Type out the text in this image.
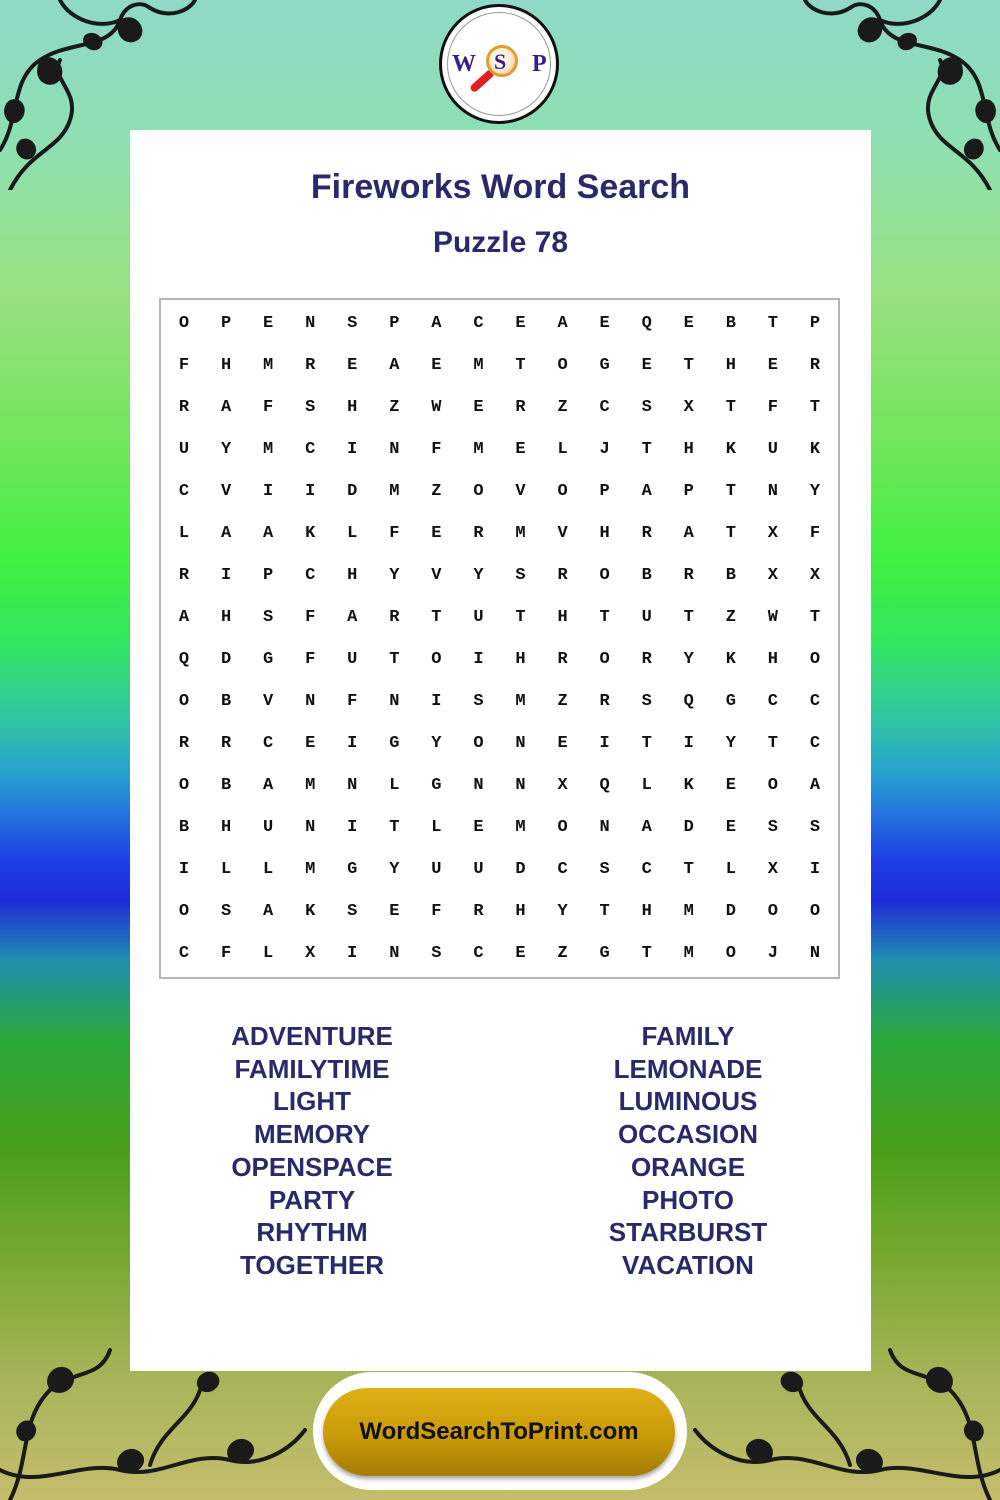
W S P
Fireworks Word Search
Puzzle 78
O	P	E	N	S	P	A	C	E	A	E	Q	E	B	T	P
F	H	M	R	E	A	E	M	T	O	G	E	T	H	E	R
R	A	F	S	H	Z	W	E	R	Z	C	S	X	T	F	T
U	Y	M	C	I	N	F	M	E	L	J	T	H	K	U	K
C	V	I	I	D	M	Z	O	V	O	P	A	P	T	N	Y
L	A	A	K	L	F	E	R	M	V	H	R	A	T	X	F
R	I	P	C	H	Y	V	Y	S	R	O	B	R	B	X	X
A	H	S	F	A	R	T	U	T	H	T	U	T	Z	W	T
Q	D	G	F	U	T	O	I	H	R	O	R	Y	K	H	O
O	B	V	N	F	N	I	S	M	Z	R	S	Q	G	C	C
R	R	C	E	I	G	Y	O	N	E	I	T	I	Y	T	C
O	B	A	M	N	L	G	N	N	X	Q	L	K	E	O	A
B	H	U	N	I	T	L	E	M	O	N	A	D	E	S	S
I	L	L	M	G	Y	U	U	D	C	S	C	T	L	X	I
O	S	A	K	S	E	F	R	H	Y	T	H	M	D	O	O
C	F	L	X	I	N	S	C	E	Z	G	T	M	O	J	N
ADVENTURE
FAMILYTIME
LIGHT
MEMORY
OPENSPACE
PARTY
RHYTHM
TOGETHER
FAMILY
LEMONADE
LUMINOUS
OCCASION
ORANGE
PHOTO
STARBURST
VACATION
WordSearchToPrint.com
